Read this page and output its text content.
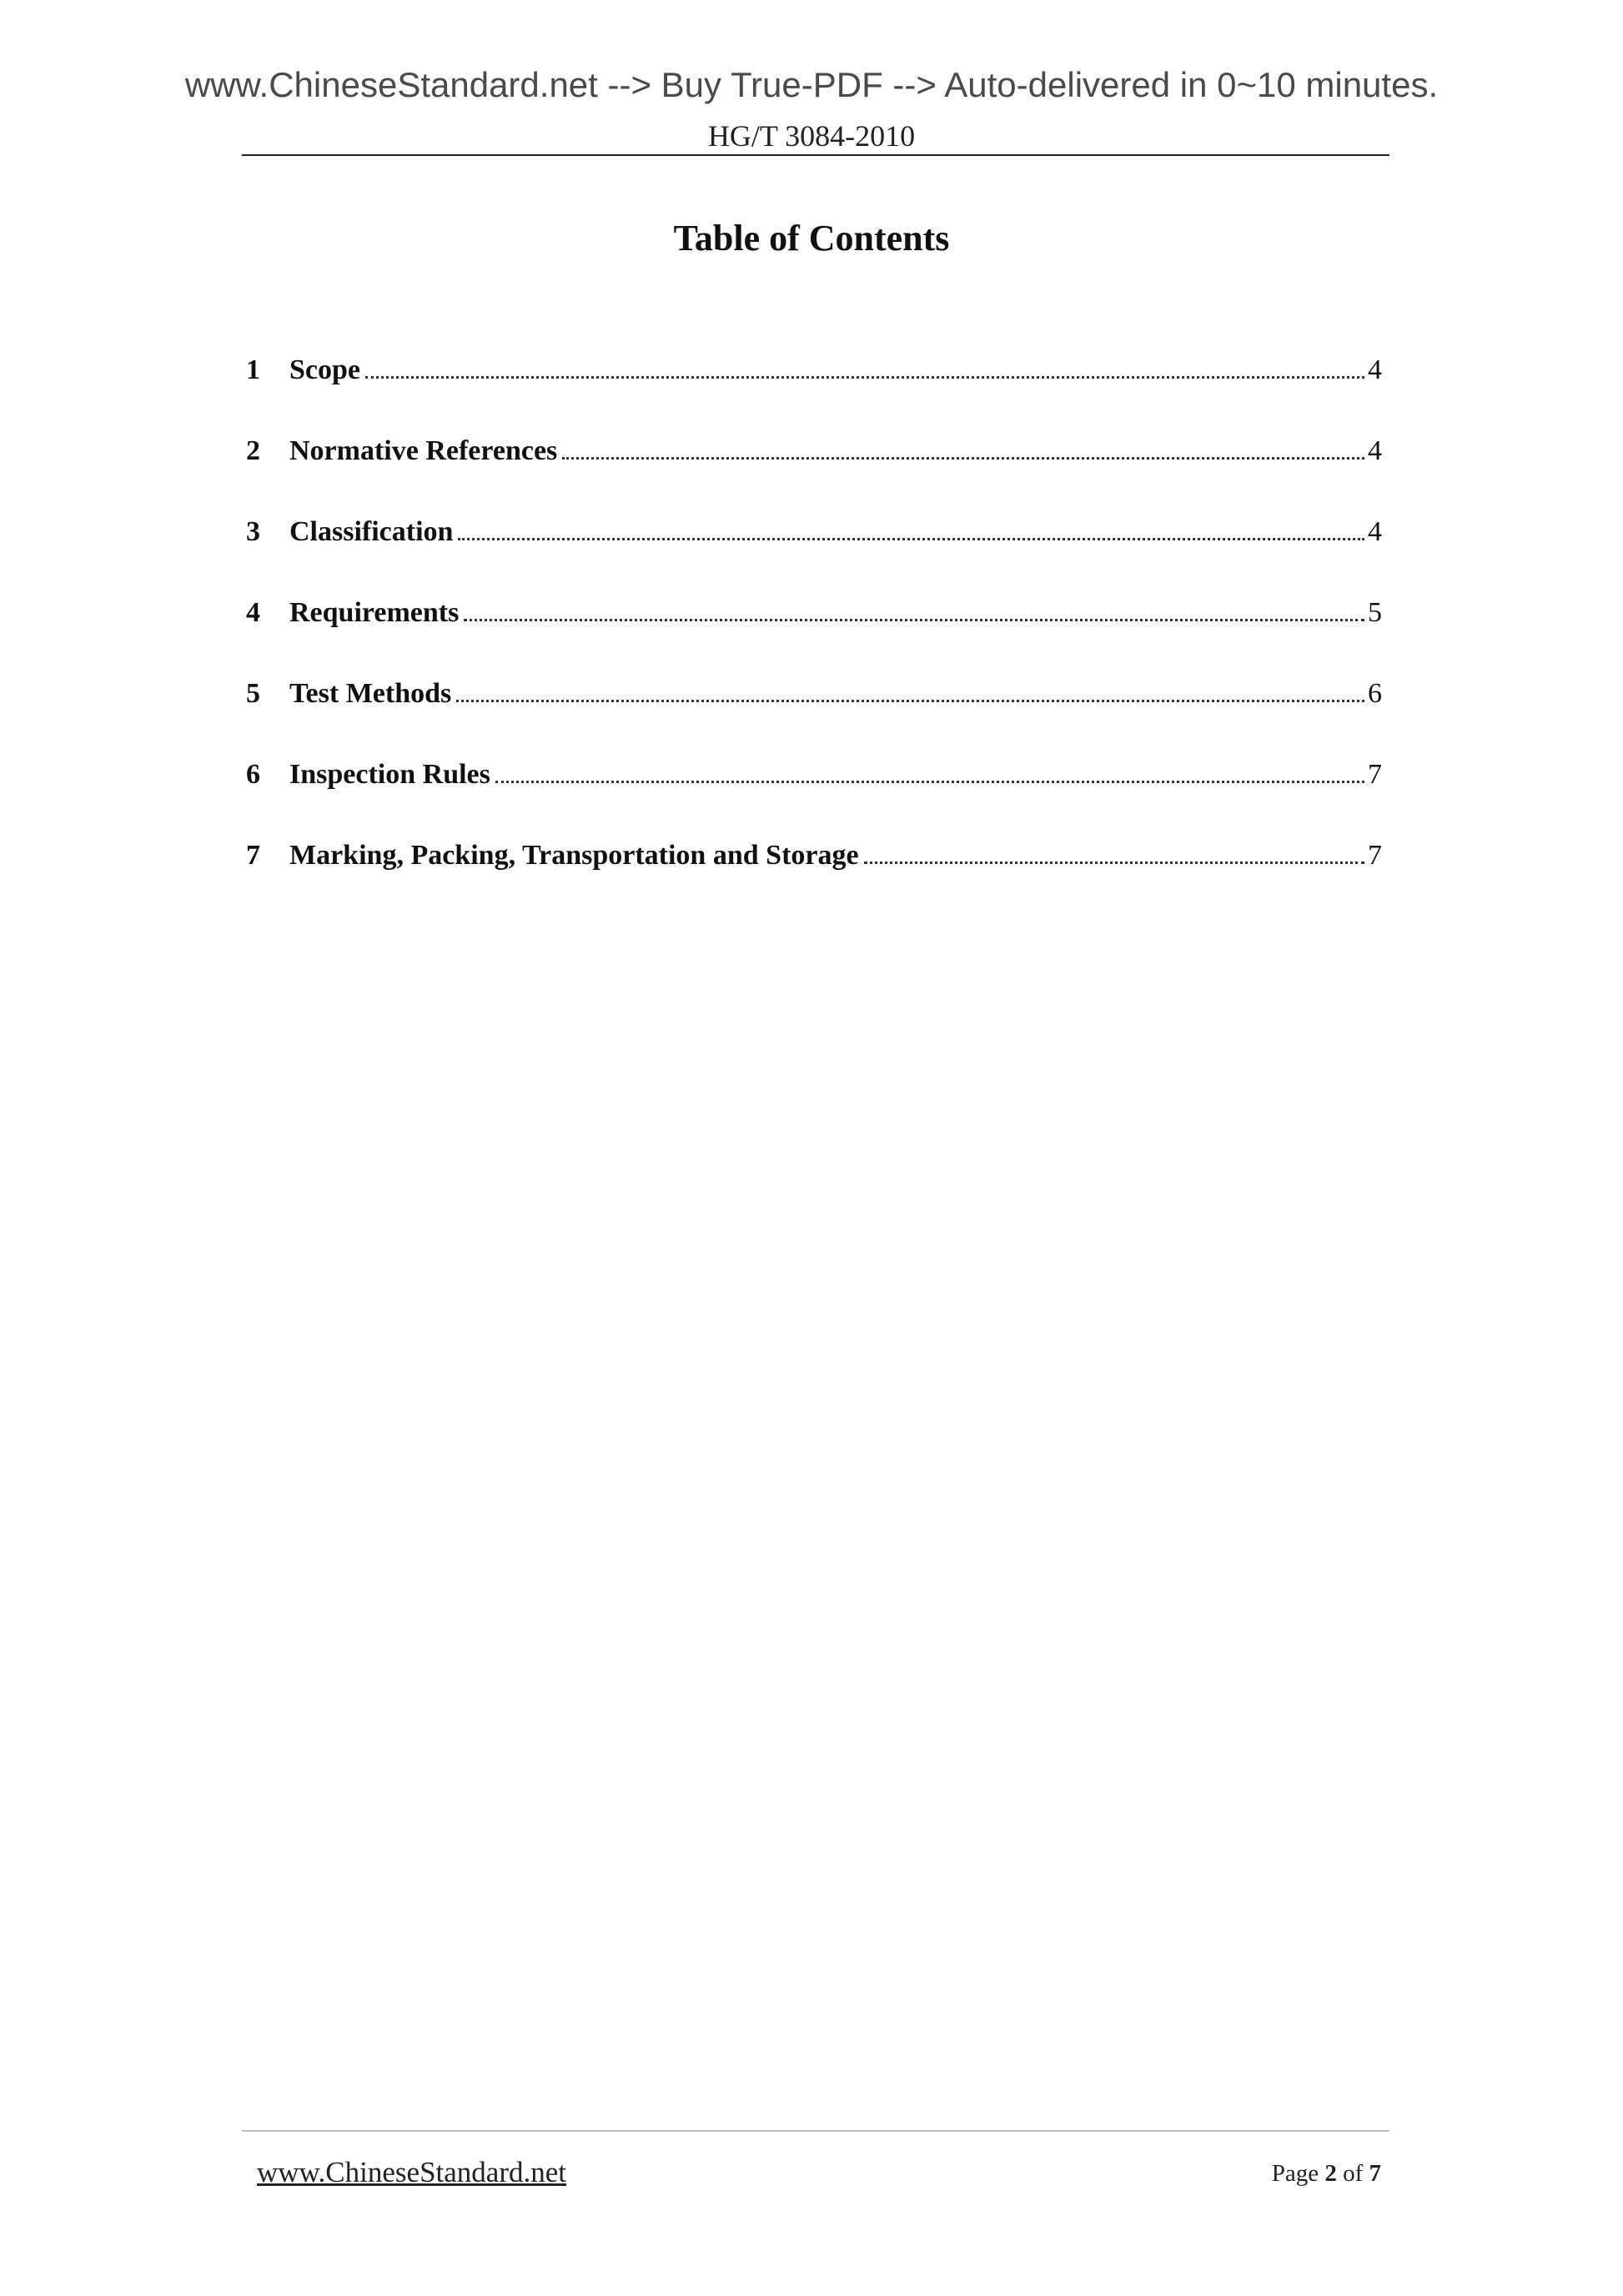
www.ChineseStandard.net --> Buy True-PDF --> Auto-delivered in 0~10 minutes.
HG/T 3084-2010
Table of Contents
1	Scope	4
2	Normative References	4
3	Classification	4
4	Requirements	5
5	Test Methods	6
6	Inspection Rules	7
7	Marking, Packing, Transportation and Storage	7
www.ChineseStandard.net	Page 2 of 7
